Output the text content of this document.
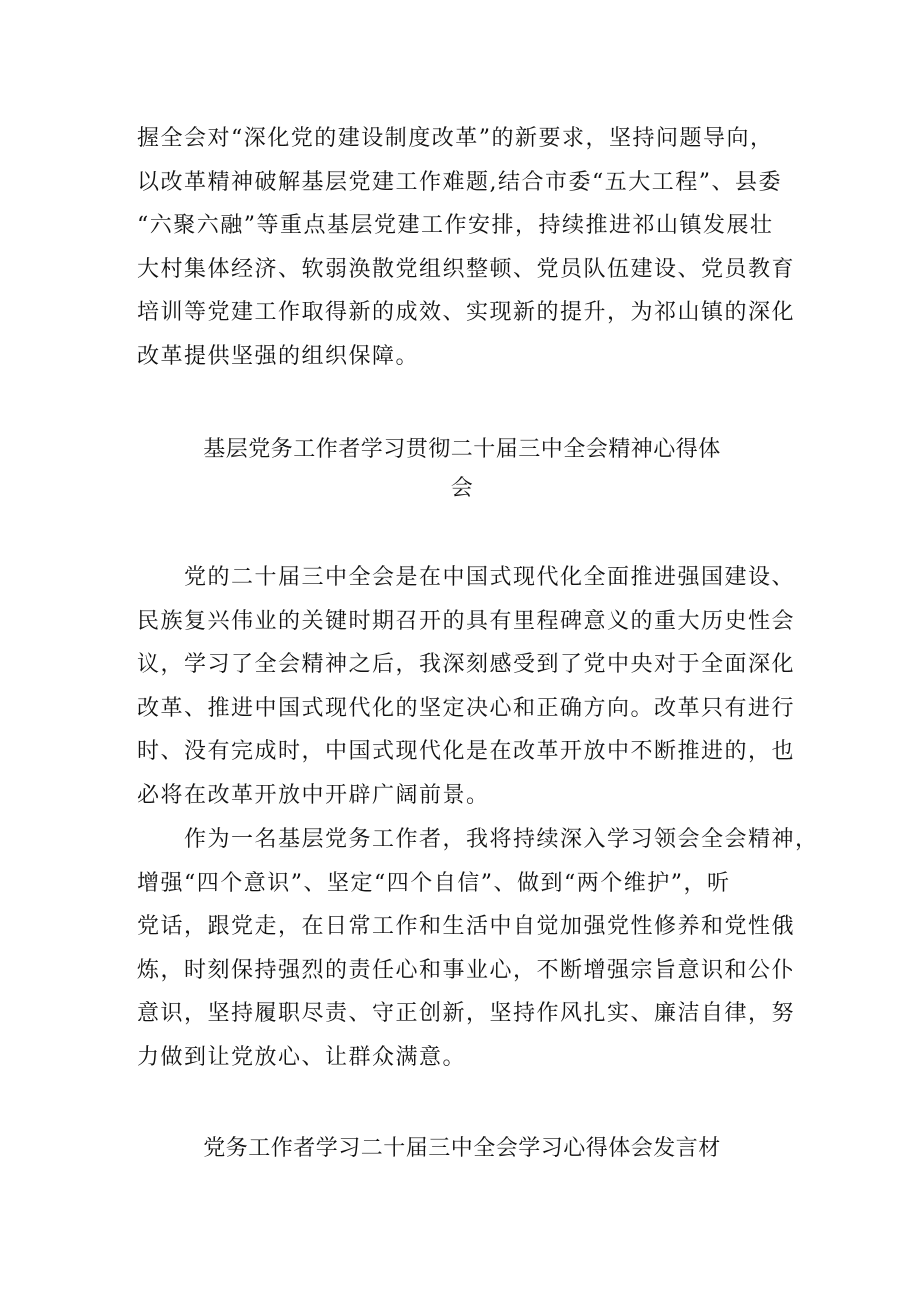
握全会对“深化党的建设制度改革”的新要求，坚持问题导向，
以改革精神破解基层党建工作难题,结合市委“五大工程”、县委
“六聚六融”等重点基层党建工作安排，持续推进祁山镇发展壮
大村集体经济、软弱涣散党组织整顿、党员队伍建设、党员教育
培训等党建工作取得新的成效、实现新的提升，为祁山镇的深化
改革提供坚强的组织保障。
基层党务工作者学习贯彻二十届三中全会精神心得体
会
党的二十届三中全会是在中国式现代化全面推进强国建设、
民族复兴伟业的关键时期召开的具有里程碑意义的重大历史性会
议，学习了全会精神之后，我深刻感受到了党中央对于全面深化
改革、推进中国式现代化的坚定决心和正确方向。改革只有进行
时、没有完成时，中国式现代化是在改革开放中不断推进的，也
必将在改革开放中开辟广阔前景。
作为一名基层党务工作者，我将持续深入学习领会全会精神，
增强“四个意识”、坚定“四个自信”、做到“两个维护”，听
党话，跟党走，在日常工作和生活中自觉加强党性修养和党性俄
炼，时刻保持强烈的责任心和事业心，不断增强宗旨意识和公仆
意识，坚持履职尽责、守正创新，坚持作风扎实、廉洁自律，努
力做到让党放心、让群众满意。
党务工作者学习二十届三中全会学习心得体会发言材
